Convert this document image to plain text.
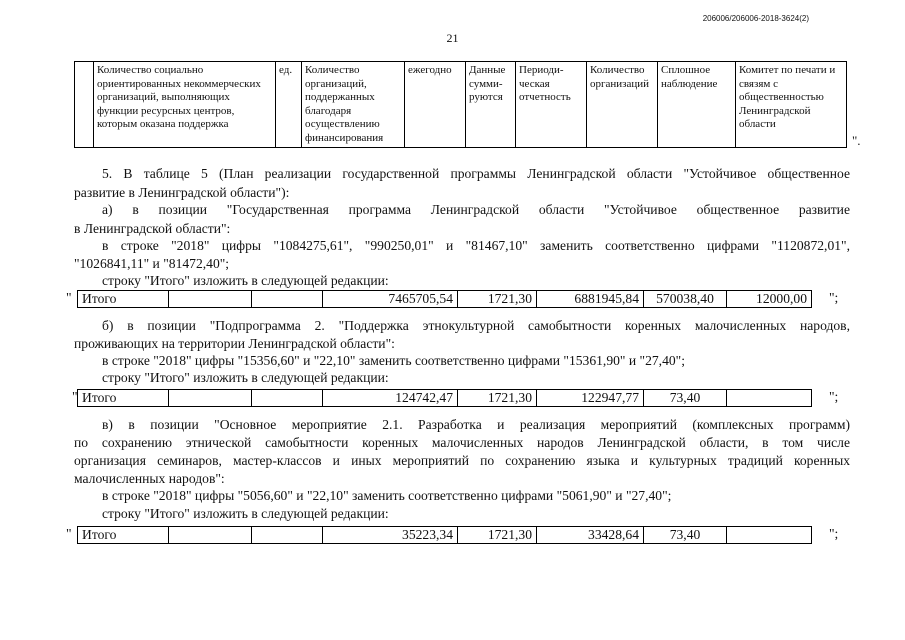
206006/206006-2018-3624(2)
21
	Количество социально ориентированных некоммерческих организаций, выполняющих функции ресурсных центров, которым оказана поддержка	ед.	Количество организаций, поддержанных благодаря осуществлению финансирования	ежегодно	Данные сумми-руются	Периоди-ческая отчетность	Количество организаций	Сплошное наблюдение	Комитет по печати и связям с общественностью Ленинградской области
".
5. В таблице 5 (План реализации государственной программы Ленинградской области "Устойчивое общественное
развитие в Ленинградской области"):
а) в позиции "Государственная программа Ленинградской области "Устойчивое общественное развитие
в Ленинградской области":
в строке "2018" цифры "1084275,61", "990250,01" и "81467,10" заменить соответственно цифрами "1120872,01",
"1026841,11" и "81472,40";
строку "Итого" изложить в следующей редакции:
" Итого			7465705,54	1721,30	6881945,84	570038,40	12000,00 ";
б) в позиции "Подпрограмма 2. "Поддержка этнокультурной самобытности коренных малочисленных народов,
проживающих на территории Ленинградской области":
в строке "2018" цифры "15356,60" и "22,10" заменить соответственно цифрами "15361,90" и "27,40";
строку "Итого" изложить в следующей редакции:
" Итого			124742,47	1721,30	122947,77	73,40		";
в) в позиции "Основное мероприятие 2.1. Разработка и реализация мероприятий (комплексных программ)
по сохранению этнической самобытности коренных малочисленных народов Ленинградской области, в том числе
организация семинаров, мастер-классов и иных мероприятий по сохранению языка и культурных традиций коренных
малочисленных народов":
в строке "2018" цифры "5056,60" и "22,10" заменить соответственно цифрами "5061,90" и "27,40";
строку "Итого" изложить в следующей редакции:
" Итого			35223,34	1721,30	33428,64	73,40		";
